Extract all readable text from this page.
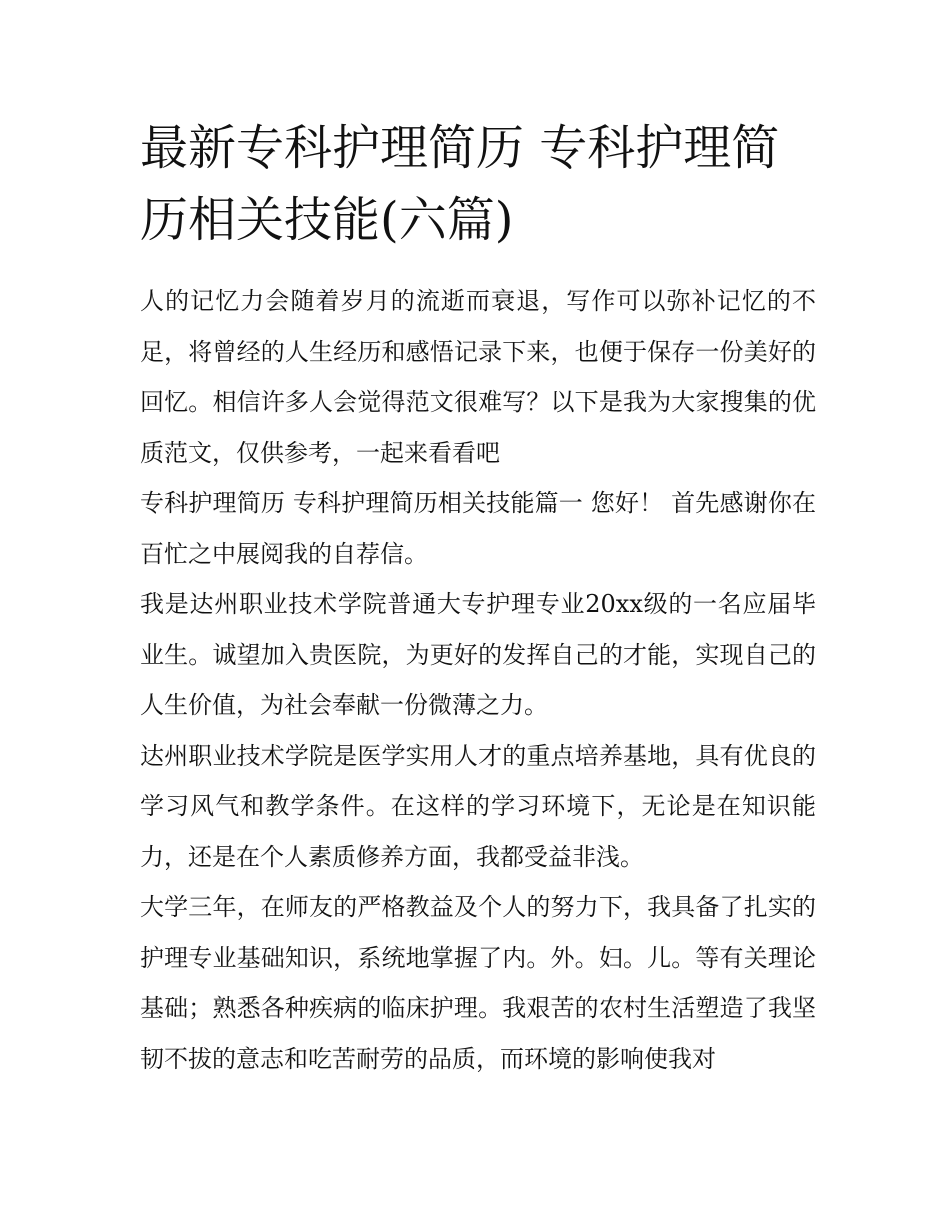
最新专科护理简历 专科护理简历相关技能(六篇)

人的记忆力会随着岁月的流逝而衰退，写作可以弥补记忆的不足，将曾经的人生经历和感悟记录下来，也便于保存一份美好的回忆。相信许多人会觉得范文很难写？以下是我为大家搜集的优质范文，仅供参考，一起来看看吧

专科护理简历 专科护理简历相关技能篇一 您好！ 首先感谢你在百忙之中展阅我的自荐信。

我是达州职业技术学院普通大专护理专业20xx级的一名应届毕业生。诚望加入贵医院，为更好的发挥自己的才能，实现自己的人生价值，为社会奉献一份微薄之力。

达州职业技术学院是医学实用人才的重点培养基地，具有优良的学习风气和教学条件。在这样的学习环境下，无论是在知识能力，还是在个人素质修养方面，我都受益非浅。

大学三年，在师友的严格教益及个人的努力下，我具备了扎实的护理专业基础知识，系统地掌握了内。外。妇。儿。等有关理论基础；熟悉各种疾病的临床护理。我艰苦的农村生活塑造了我坚韧不拔的意志和吃苦耐劳的品质，而环境的影响使我对
